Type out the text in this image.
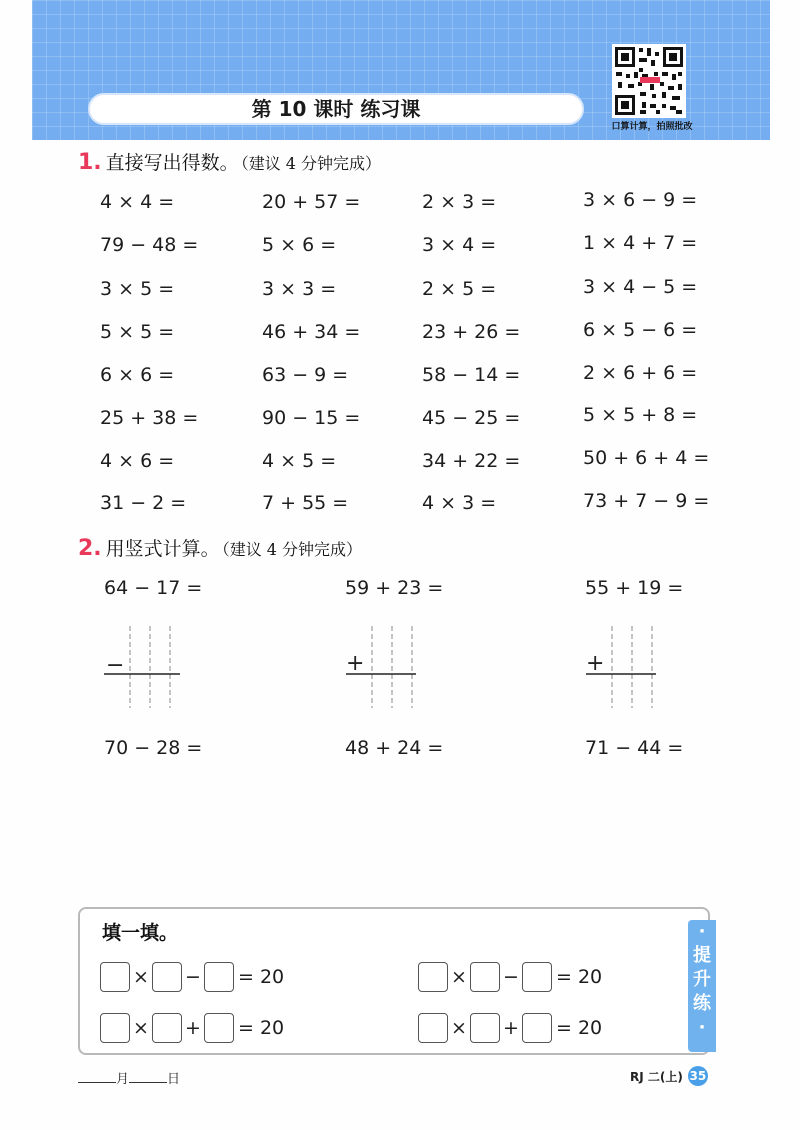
第 10 课时 练习课
口算计算，拍照批改
1. 直接写出得数。 （建议 4 分钟完成）
4 × 4 =	20 + 57 =	2 × 3 =	3 × 6 − 9 =
79 − 48 =	5 × 6 =	3 × 4 =	1 × 4 + 7 =
3 × 5 =	3 × 3 =	2 × 5 =	3 × 4 − 5 =
5 × 5 =	46 + 34 =	23 + 26 =	6 × 5 − 6 =
6 × 6 =	63 − 9 =	58 − 14 =	2 × 6 + 6 =
25 + 38 =	90 − 15 =	45 − 25 =	5 × 5 + 8 =
4 × 6 =	4 × 5 =	34 + 22 =	50 + 6 + 4 =
31 − 2 =	7 + 55 =	4 × 3 =	73 + 7 − 9 =
2. 用竖式计算。 （建议 4 分钟完成）
64 − 17 =	59 + 23 =	55 + 19 =
−	+	+
70 − 28 =	48 + 24 =	71 − 44 =
填一填。
× − = 20	× − = 20
× + = 20	× + = 20
·
提
升
练
·
月	日	RJ 二(上) 35
